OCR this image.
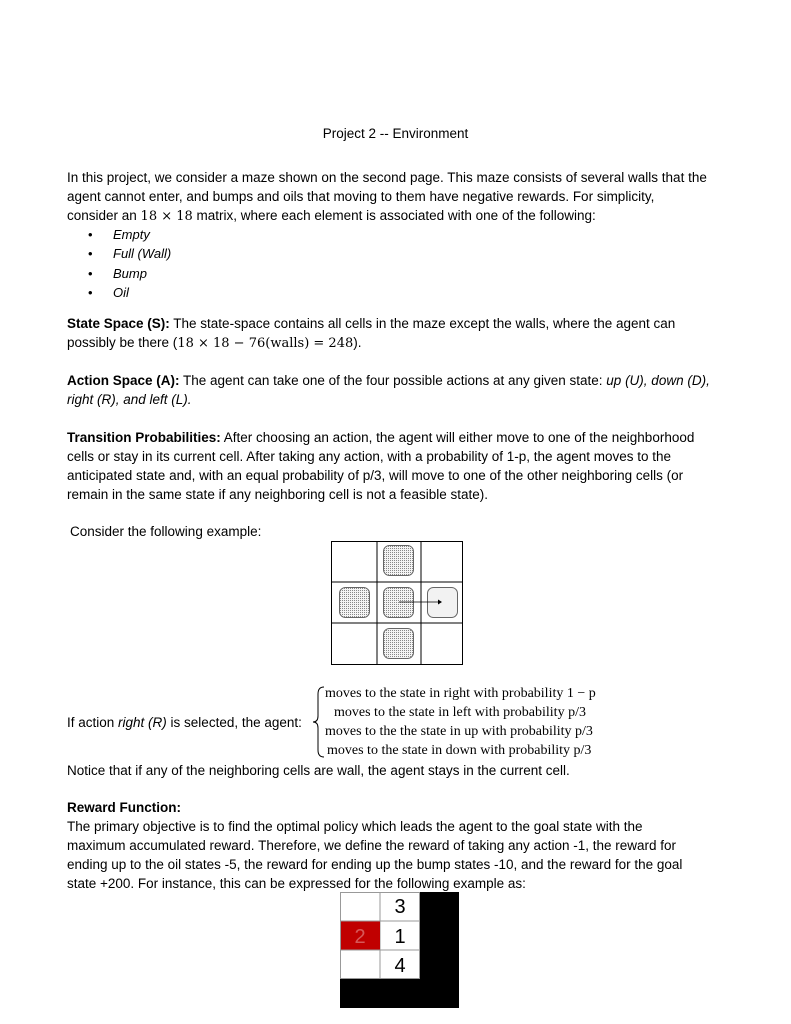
Project 2 -- Environment
In this project, we consider a maze shown on the second page. This maze consists of several walls that the
agent cannot enter, and bumps and oils that moving to them have negative rewards. For simplicity,
consider an 18 × 18 matrix, where each element is associated with one of the following:
• Empty
• Full (Wall)
• Bump
• Oil
State Space (S): The state-space contains all cells in the maze except the walls, where the agent can
possibly be there (18 × 18 − 76(walls) = 248).
Action Space (A): The agent can take one of the four possible actions at any given state: up (U), down (D),
right (R), and left (L).
Transition Probabilities: After choosing an action, the agent will either move to one of the neighborhood
cells or stay in its current cell. After taking any action, with a probability of 1-p, the agent moves to the
anticipated state and, with an equal probability of p/3, will move to one of the other neighboring cells (or
remain in the same state if any neighboring cell is not a feasible state).
Consider the following example:
If action right (R) is selected, the agent:
moves to the state in right with probability 1 − p
moves to the state in left with probability p/3
moves to the the state in up with probability p/3
moves to the state in down with probability p/3
Notice that if any of the neighboring cells are wall, the agent stays in the current cell.
Reward Function:
The primary objective is to find the optimal policy which leads the agent to the goal state with the
maximum accumulated reward. Therefore, we define the reward of taking any action -1, the reward for
ending up to the oil states -5, the reward for ending up the bump states -10, and the reward for the goal
state +200. For instance, this can be expressed for the following example as:
3
2 1
4
